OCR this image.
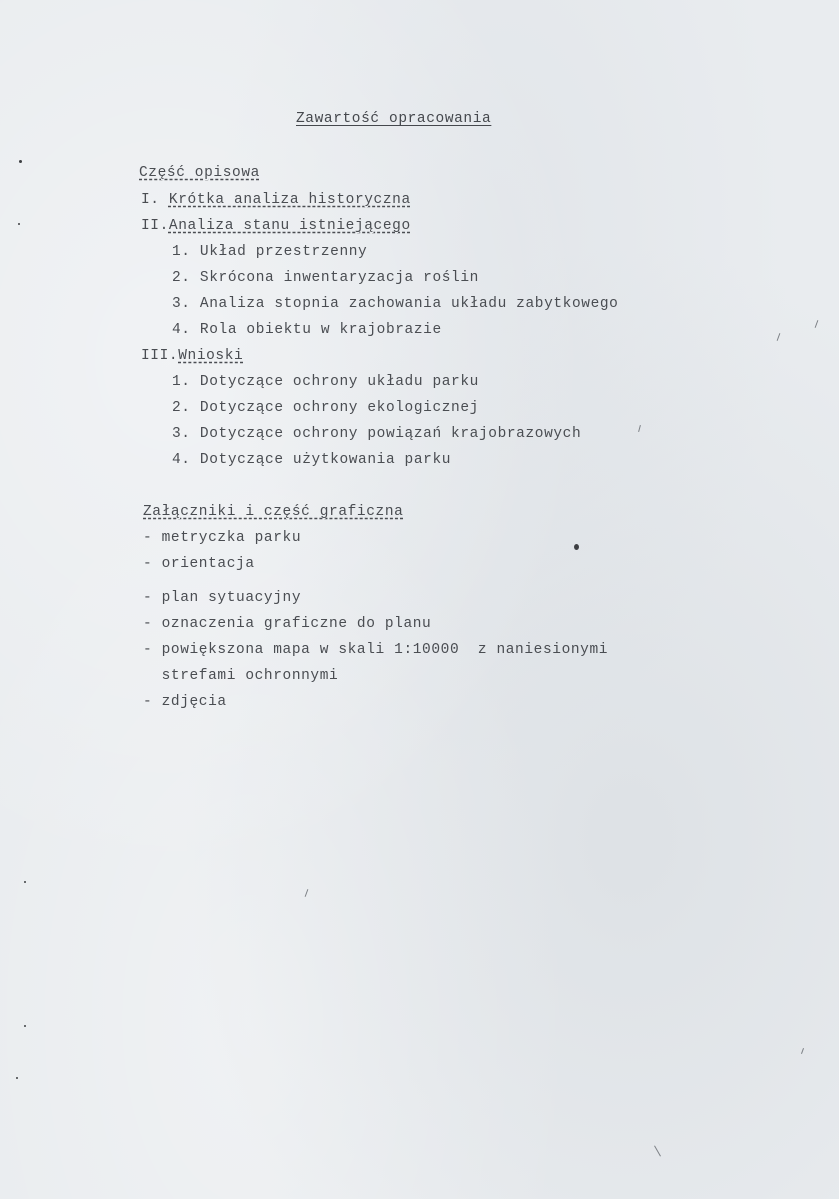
Zawartość opracowania
Część opisowa
I. Krótka analiza historyczna
II.Analiza stanu istniejącego
1. Układ przestrzenny
2. Skrócona inwentaryzacja roślin
3. Analiza stopnia zachowania układu zabytkowego
4. Rola obiektu w krajobrazie
III.Wnioski
1. Dotyczące ochrony układu parku
2. Dotyczące ochrony ekologicznej
3. Dotyczące ochrony powiązań krajobrazowych
4. Dotyczące użytkowania parku
Załączniki i część graficzna
- metryczka parku
- orientacja
- plan sytuacyjny
- oznaczenia graficzne do planu
- powiększona mapa w skali 1:10000  z naniesionymi
strefami ochronnymi
- zdjęcia
